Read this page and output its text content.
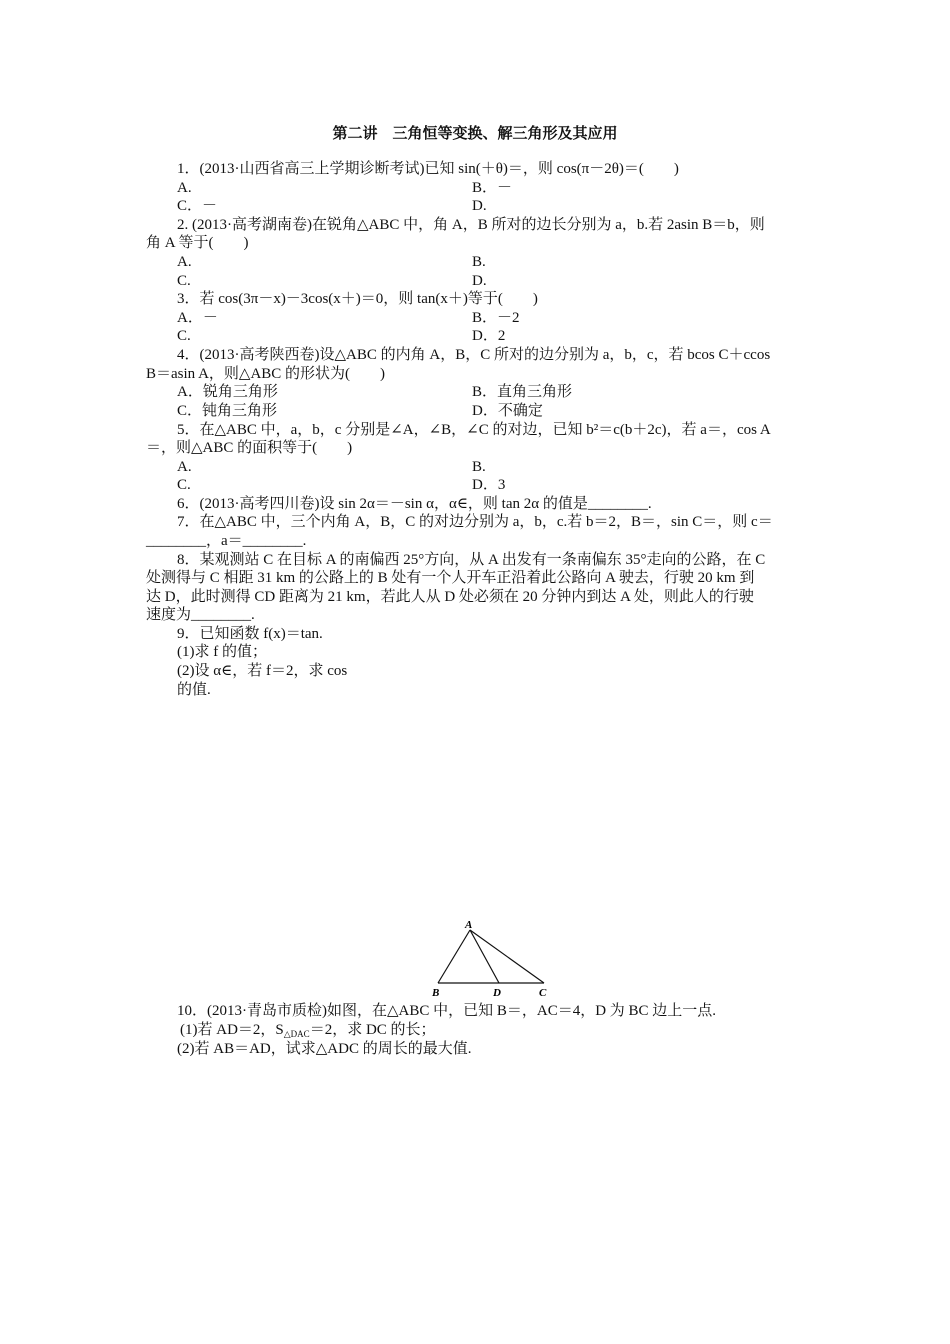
第二讲　三角恒等变换、解三角形及其应用
1．(2013·山西省高三上学期诊断考试)已知 sin(＋θ)＝，则 cos(π－2θ)＝(　　)
A.	B．－
C．－	D.
2. (2013·高考湖南卷)在锐角△ABC 中，角 A，B 所对的边长分别为 a，b.若 2asin B＝b，则
角 A 等于(　　)
A.	B.
C.	D.
3．若 cos(3π－x)－3cos(x＋)＝0，则 tan(x＋)等于(　　)
A．－	B．－2
C.	D．2
4．(2013·高考陕西卷)设△ABC 的内角 A，B，C 所对的边分别为 a，b，c，若 bcos C＋ccos
B＝asin A，则△ABC 的形状为(　　)
A．锐角三角形	B．直角三角形
C．钝角三角形	D．不确定
5．在△ABC 中，a，b，c 分别是∠A，∠B，∠C 的对边，已知 b²＝c(b＋2c)，若 a＝，cos A
＝，则△ABC 的面积等于(　　)
A.	B.
C.	D．3
6．(2013·高考四川卷)设 sin 2α＝－sin α，α∈，则 tan 2α 的值是________.
7．在△ABC 中，三个内角 A，B，C 的对边分别为 a，b，c.若 b＝2，B＝，sin C＝，则 c＝
________，a＝________.
8．某观测站 C 在目标 A 的南偏西 25°方向，从 A 出发有一条南偏东 35°走向的公路，在 C
处测得与 C 相距 31 km 的公路上的 B 处有一个人开车正沿着此公路向 A 驶去，行驶 20 km 到
达 D，此时测得 CD 距离为 21 km，若此人从 D 处必须在 20 分钟内到达 A 处，则此人的行驶
速度为________.
9．已知函数 f(x)＝tan.
(1)求 f 的值；
(2)设 α∈，若 f＝2，求 cos
的值.
A
B	D	C
10．(2013·青岛市质检)如图，在△ABC 中，已知 B＝，AC＝4，D 为 BC 边上一点.
(1)若 AD＝2，$S_{\triangle DAC}=2$，求 DC 的长；
(2)若 AB＝AD，试求△ADC 的周长的最大值.
